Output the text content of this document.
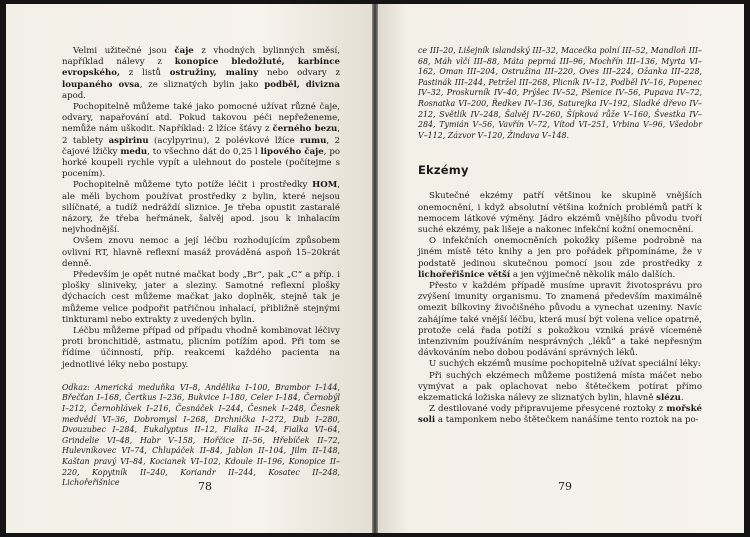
Velmi užitečné jsou čaje z vhodných bylinných směsí, například nálevy z konopice bledožluté, karbince evropského, z listů ostružiny, maliny nebo odvary z loupaného ovsa, ze sliznatých bylin jako podběl, divizna apod.

Pochopitelně můžeme také jako pomocné užívat různé čaje, odvary, napařování atd. Pokud takovou péči nepřeženeme, nemůže nám uškodit. Například: 2 lžíce šťávy z černého bezu, 2 tablety aspirinu (acylpyrinu), 2 polévkové lžíce rumu, 2 čajové lžičky medu, to všechno dát do 0,25 l lipového čaje, po horké koupeli rychle vypít a ulehnout do postele (počítejme s pocením).

Pochopitelně můžeme tyto potíže léčit i prostředky HOM, ale měli bychom používat prostředky z bylin, které nejsou silíčnaté, a tudíž nedráždí sliznice. Je třeba opustit zastaralé názory, že třeba heřmánek, šalvěj apod. jsou k inhalacím nejvhodnější.

Ovšem znovu nemoc a její léčbu rozhodujícím způsobem ovlivní RT, hlavně reflexní masáž prováděná aspoň 15–20krát denně.

Především je opět nutné mačkat body „Br“, pak „C“ a příp. i plošky sliniveky, jater a sleziny. Samotné reflexní plošky dýchacích cest můžeme mačkat jako doplněk, stejně tak je můžeme velice podpořit patřičnou inhalací, přibližně stejnými tinkturami nebo extrakty z uvedených bylin.

Léčbu můžeme případ od případu vhodně kombinovat léčivy proti bronchitidě, astmatu, plicním potížím apod. Při tom se řídíme účinností, příp. reakcemi každého pacienta na jednotlivé léky nebo postupy.

Odkaz: Americká meduňka VI–8, Andělika I–100, Brambor I–144, Břečťan I–168, Čertkus I–236, Bukvice I–180, Celer I–184, Černobýl I–212, Černohlávek I–216, Česnáček I–244, Česnek I–248, Česnek medvědí VI–36, Dobromysl I–268, Drchnička I–272, Dub I–280, Dvouzubec I–284, Eukalyptus II–12, Fialka II–24, Fialka VI–64, Grindelie VI–48, Habr V–158, Hořčice II–56, Hřebíček II–72, Hulevníkovec VI–74, Chlupáček II–84, Jablon II–104, Jilm II–148, Kaštan pravý VI–84, Kocianek VI–102, Kdoule II–196, Konopice II–220, Kopytník II–240, Koriandr II–244, Kosatec II–248, Lichořeřišnice	78
ce III–20, Lišejník islandský III–32, Macečka polní III–52, Mandloň III–68, Máh vlčí III–88, Máta peprná III–96, Mochřín III–136, Myrta VI–162, Oman III–204, Ostružina III–220, Oves III–224, Ožanka III–228, Pastinák III–244, Petržel III–268, Plicník IV–12, Podběl IV–16, Popenec IV–32, Proskurník IV–40, Prýšec IV–52, Pšenice IV–56, Pupava IV–72, Rosnatka VI–200, Ředkev IV–136, Saturejka IV–192, Sladké dřevo IV–212, Světlík IV–248, Šalvěj IV–260, Šípková růže V–160, Švestka IV–284, Tymián V–56, Vavřín V–72, Vítod VI–251, Vrbina V–96, Všedobr V–112, Zázvor V–120, Žindava V–148.
Ekzémy

Skutečné ekzémy patří většinou ke skupině vnějších onemocnění, i když absolutní většina kožních problémů patří k nemocem látkové výměny. Jádro ekzémů vnějšího původu tvoří suché ekzémy, pak lišeje a nakonec infekční kožní onemocnění.

O infekčních onemocněních pokožky píšeme podrobně na jiném místě této knihy a jen pro pořádek připomínáme, že v podstatě jedinou skutečnou pomocí jsou zde prostředky z lichořeřišnice větší a jen výjimečně několik málo dalších.

Přesto v každém případě musíme upravit životosprávu pro zvýšení imunity organismu. To znamená především maximálně omezit bílkoviny živočišného původu a vynechat uzeniny. Navíc zahájíme také vnější léčbu, která musí být volena velice opatrně, protože celá řada potíží s pokožkou vzniká právě víceméně intenzivním používáním nesprávných „léků“ a také nepřesným dávkováním nebo dobou podávání správných léků.

U suchých ekzémů musíme pochopitelně užívat speciální léky:

Při suchých ekzémech můžeme postižená místa máčet nebo vymývat a pak oplachovat nebo štětečkem potírat přímo ekzematická ložiska nálevy ze sliznatých bylin, hlavně slézu.

Z destilované vody připravujeme přesycené roztoky z mořské soli a tamponkem nebo štětečkem nanášíme tento roztok na po-

79
